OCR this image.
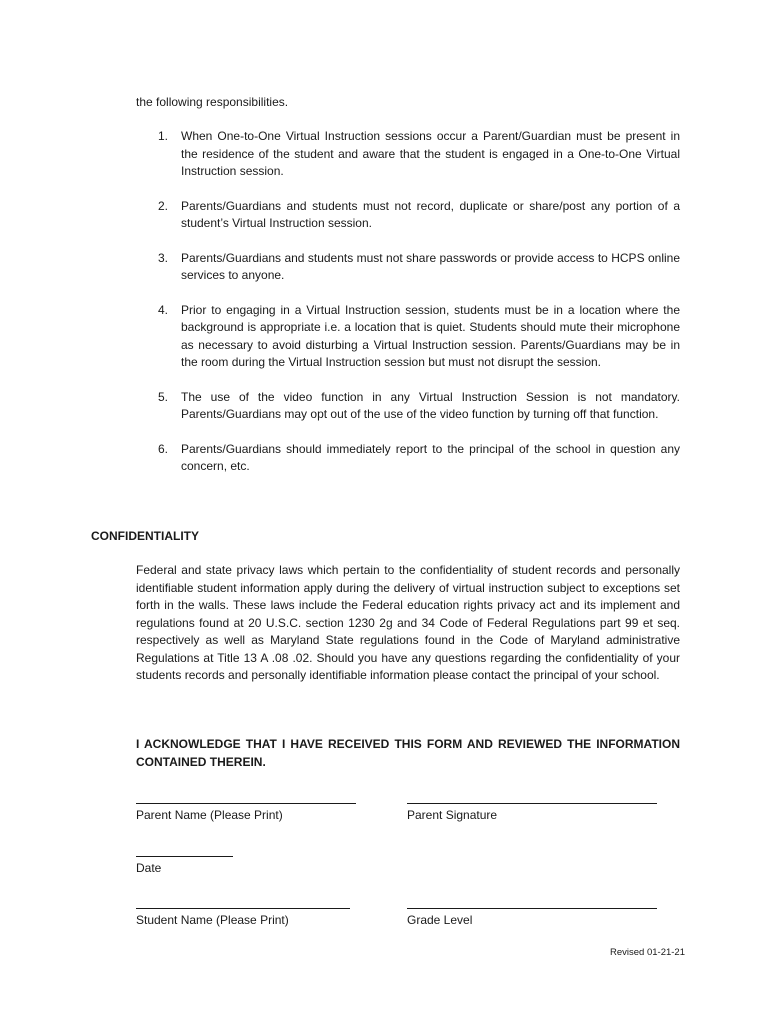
the following responsibilities.
1. When One-to-One Virtual Instruction sessions occur a Parent/Guardian must be present in the residence of the student and aware that the student is engaged in a One-to-One Virtual Instruction session.
2. Parents/Guardians and students must not record, duplicate or share/post any portion of a student’s Virtual Instruction session.
3. Parents/Guardians and students must not share passwords or provide access to HCPS online services to anyone.
4. Prior to engaging in a Virtual Instruction session, students must be in a location where the background is appropriate i.e. a location that is quiet. Students should mute their microphone as necessary to avoid disturbing a Virtual Instruction session. Parents/Guardians may be in the room during the Virtual Instruction session but must not disrupt the session.
5. The use of the video function in any Virtual Instruction Session is not mandatory. Parents/Guardians may opt out of the use of the video function by turning off that function.
6. Parents/Guardians should immediately report to the principal of the school in question any concern, etc.
CONFIDENTIALITY

Federal and state privacy laws which pertain to the confidentiality of student records and personally identifiable student information apply during the delivery of virtual instruction subject to exceptions set forth in the walls. These laws include the Federal education rights privacy act and its implement and regulations found at 20 U.S.C. section 1230 2g and 34 Code of Federal Regulations part 99 et seq. respectively as well as Maryland State regulations found in the Code of Maryland administrative Regulations at Title 13 A .08 .02. Should you have any questions regarding the confidentiality of your students records and personally identifiable information please contact the principal of your school.

I ACKNOWLEDGE THAT I HAVE RECEIVED THIS FORM AND REVIEWED THE INFORMATION CONTAINED THEREIN.

Parent Name (Please Print)	Parent Signature
Date
Student Name (Please Print)	Grade Level
Revised 01-21-21
